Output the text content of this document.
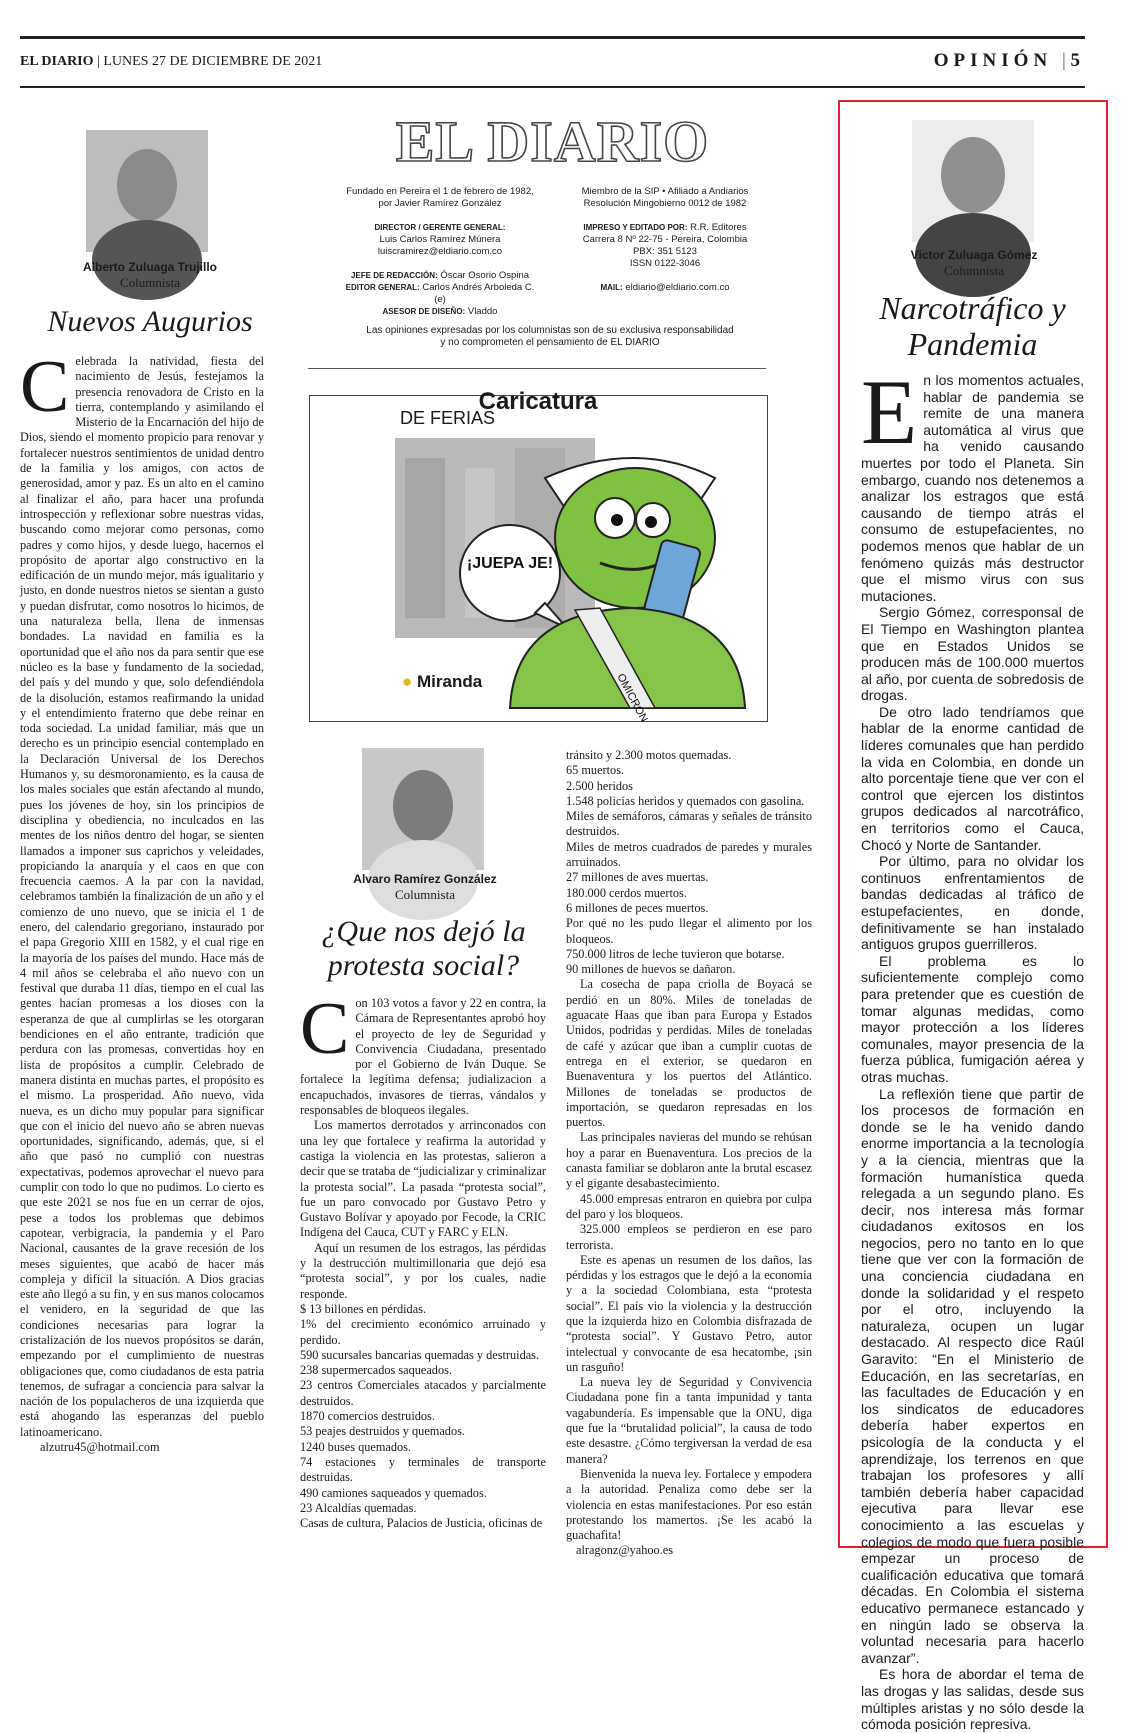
EL DIARIO | LUNES 27 DE DICIEMBRE DE 2021	OPINIÓN | 5
EL DIARIO
Fundado en Pereira el 1 de febrero de 1982,
por Javier Ramírez González
DIRECTOR / GERENTE GENERAL:
Luis Carlos Ramírez Múnera
luiscramirez@eldiario.com.co
JEFE DE REDACCIÓN: Óscar Osorio Ospina
EDITOR GENERAL: Carlos Andrés Arboleda C. (e)
ASESOR DE DISEÑO: Vladdo
Miembro de la SIP • Afiliado a Andiarios
Resolución Mingobierno 0012 de 1982
IMPRESO Y EDITADO POR: R.R. Editores
Carrera 8 Nº 22-75 - Pereira, Colombia
PBX: 351 5123
ISSN 0122-3046
MAIL: eldiario@eldiario.com.co
Las opiniones expresadas por los columnistas son de su exclusiva responsabilidad
y no comprometen el pensamiento de EL DIARIO
Caricatura
¡JUEPA JE!
OMICRON
DE FERIAS
● Miranda
Alberto Zuluaga Trujillo
Columnista
Nuevos Augurios

Celebrada la natividad, fiesta del nacimiento de Jesús, festejamos la presencia renovadora de Cristo en la tierra, contemplando y asimilando el Misterio de la Encarnación del hijo de Dios, siendo el momento propicio para renovar y fortalecer nuestros sentimientos de unidad dentro de la familia y los amigos, con actos de generosidad, amor y paz. Es un alto en el camino al finalizar el año, para hacer una profunda introspección y reflexionar sobre nuestras vidas, buscando como mejorar como personas, como padres y como hijos, y desde luego, hacernos el propósito de aportar algo constructivo en la edificación de un mundo mejor, más igualitario y justo, en donde nuestros nietos se sientan a gusto y puedan disfrutar, como nosotros lo hicimos, de una naturaleza bella, llena de inmensas bondades. La navidad en familia es la oportunidad que el año nos da para sentir que ese núcleo es la base y fundamento de la sociedad, del país y del mundo y que, solo defendiéndola de la disolución, estamos reafirmando la unidad y el entendimiento fraterno que debe reinar en toda sociedad. La unidad familiar, más que un derecho es un principio esencial contemplado en la Declaración Universal de los Derechos Humanos y, su desmoronamiento, es la causa de los males sociales que están afectando al mundo, pues los jóvenes de hoy, sin los principios de disciplina y obediencia, no inculcados en las mentes de los niños dentro del hogar, se sienten llamados a imponer sus caprichos y veleidades, propiciando la anarquía y el caos en que con frecuencia caemos. A la par con la navidad, celebramos también la finalización de un año y el comienzo de uno nuevo, que se inicia el 1 de enero, del calendario gregoriano, instaurado por el papa Gregorio XIII en 1582, y el cual rige en la mayoría de los países del mundo. Hace más de 4 mil años se celebraba el año nuevo con un festival que duraba 11 días, tiempo en el cual las gentes hacían promesas a los dioses con la esperanza de que al cumplirlas se les otorgaran bendiciones en el año entrante, tradición que perdura con las promesas, convertidas hoy en lista de propósitos a cumplir. Celebrado de manera distinta en muchas partes, el propósito es el mismo. La prosperidad. Año nuevo, vida nueva, es un dicho muy popular para significar que con el inicio del nuevo año se abren nuevas oportunidades, significando, además, que, si el año que pasó no cumplió con nuestras expectativas, podemos aprovechar el nuevo para cumplir con todo lo que no pudimos. Lo cierto es que este 2021 se nos fue en un cerrar de ojos, pese a todos los problemas que debimos capotear, verbigracia, la pandemia y el Paro Nacional, causantes de la grave recesión de los meses siguientes, que acabó de hacer más compleja y difícil la situación. A Dios gracias este año llegó a su fin, y en sus manos colocamos el venidero, en la seguridad de que las condiciones necesarias para lograr la cristalización de los nuevos propósitos se darán, empezando por el cumplimiento de nuestras obligaciones que, como ciudadanos de esta patria tenemos, de sufragar a conciencia para salvar la nación de los populacheros de una izquierda que está ahogando las esperanzas del pueblo latinoamericano.

alzutru45@hotmail.com

Alvaro Ramírez González
Columnista
¿Que nos dejó la protesta social?

Con 103 votos a favor y 22 en contra, la Cámara de Representantes aprobó hoy el proyecto de ley de Seguridad y Convivencia Ciudadana, presentado por el Gobierno de Iván Duque. Se fortalece la legítima defensa; judializacion a encapuchados, invasores de tierras, vándalos y responsables de bloqueos ilegales.

Los mamertos derrotados y arrinconados con una ley que fortalece y reafirma la autoridad y castiga la violencia en las protestas, salieron a decir que se trataba de “judicializar y criminalizar la protesta social”. La pasada “protesta social”, fue un paro convocado por Gustavo Petro y Gustavo Bolívar y apoyado por Fecode, la CRIC Indígena del Cauca, CUT y FARC y ELN.

Aquí un resumen de los estragos, las pérdidas y la destrucción multimillonaria que dejó esa “protesta social”, y por los cuales, nadie responde.

$ 13 billones en pérdidas.
1% del crecimiento económico arruinado y perdido.
590 sucursales bancarias quemadas y destruidas.
238 supermercados saqueados.
23 centros Comerciales atacados y parcialmente destruidos.
1870 comercios destruidos.
53 peajes destruidos y quemados.
1240 buses quemados.
74 estaciones y terminales de transporte destruidas.
490 camiones saqueados y quemados.
23 Alcaldías quemadas.
Casas de cultura, Palacios de Justicia, oficinas de
tránsito y 2.300 motos quemadas.
65 muertos.
2.500 heridos
1.548 policías heridos y quemados con gasolina.
Miles de semáforos, cámaras y señales de tránsito destruidos.
Miles de metros cuadrados de paredes y murales arruinados.
27 millones de aves muertas.
180.000 cerdos muertos.
6 millones de peces muertos.
Por qué no les pudo llegar el alimento por los bloqueos.
750.000 litros de leche tuvieron que botarse.
90 millones de huevos se dañaron.

La cosecha de papa criolla de Boyacá se perdió en un 80%. Miles de toneladas de aguacate Haas que iban para Europa y Estados Unidos, podridas y perdidas. Miles de toneladas de café y azúcar que iban a cumplir cuotas de entrega en el exterior, se quedaron en Buenaventura y los puertos del Atlántico. Millones de toneladas se productos de importación, se quedaron represadas en los puertos.

Las principales navieras del mundo se rehúsan hoy a parar en Buenaventura. Los precios de la canasta familiar se doblaron ante la brutal escasez y el gigante desabastecimiento.

45.000 empresas entraron en quiebra por culpa del paro y los bloqueos.

325.000 empleos se perdieron en ese paro terrorista.

Este es apenas un resumen de los daños, las pérdidas y los estragos que le dejó a la economía y a la sociedad Colombiana, esta “protesta social”. El país vio la violencia y la destrucción que la izquierda hizo en Colombia disfrazada de “protesta social”. Y Gustavo Petro, autor intelectual y convocante de esa hecatombe, ¡sin un rasguño!

La nueva ley de Seguridad y Convivencia Ciudadana pone fin a tanta impunidad y tanta vagabundería. Es impensable que la ONU, diga que fue la “brutalidad policial”, la causa de todo este desastre. ¿Cómo tergiversan la verdad de esa manera?

Bienvenida la nueva ley. Fortalece y empodera a la autoridad. Penaliza como debe ser la violencia en estas manifestaciones. Por eso están protestando los mamertos. ¡Se les acabó la guachafita!

alragonz@yahoo.es

Víctor Zuluaga Gómez
Columnista
Narcotráfico y
Pandemia

En los momentos actuales, hablar de pandemia se remite de una manera automática al virus que ha venido causando muertes por todo el Planeta. Sin embargo, cuando nos detenemos a analizar los estragos que está causando de tiempo atrás el consumo de estupefacientes, no podemos menos que hablar de un fenómeno quizás más destructor que el mismo virus con sus mutaciones.

Sergio Gómez, corresponsal de El Tiempo en Washington plantea que en Estados Unidos se producen más de 100.000 muertos al año, por cuenta de sobredosis de drogas.

De otro lado tendríamos que hablar de la enorme cantidad de líderes comunales que han perdido la vida en Colombia, en donde un alto porcentaje tiene que ver con el control que ejercen los distintos grupos dedicados al narcotráfico, en territorios como el Cauca, Chocó y Norte de Santander.

Por último, para no olvidar los continuos enfrentamientos de bandas dedicadas al tráfico de estupefacientes, en donde, definitivamente se han instalado antiguos grupos guerrilleros.

El problema es lo suficientemente complejo como para pretender que es cuestión de tomar algunas medidas, como mayor protección a los líderes comunales, mayor presencia de la fuerza pública, fumigación aérea y otras muchas.

La reflexión tiene que partir de los procesos de formación en donde se le ha venido dando enorme importancia a la tecnología y a la ciencia, mientras que la formación humanística queda relegada a un segundo plano. Es decir, nos interesa más formar ciudadanos exitosos en los negocios, pero no tanto en lo que tiene que ver con la formación de una conciencia ciudadana en donde la solidaridad y el respeto por el otro, incluyendo la naturaleza, ocupen un lugar destacado. Al respecto dice Raúl Garavito: “En el Ministerio de Educación, en las secretarías, en las facultades de Educación y en los sindicatos de educadores debería haber expertos en psicología de la conducta y el aprendizaje, los terrenos en que trabajan los profesores y allí también debería haber capacidad ejecutiva para llevar ese conocimiento a las escuelas y colegios de modo que fuera posible empezar un proceso de cualificación educativa que tomará décadas. En Colombia el sistema educativo permanece estancado y en ningún lado se observa la voluntad necesaria para hacerlo avanzar”.

Es hora de abordar el tema de las drogas y las salidas, desde sus múltiples aristas y no sólo desde la cómoda posición represiva.
